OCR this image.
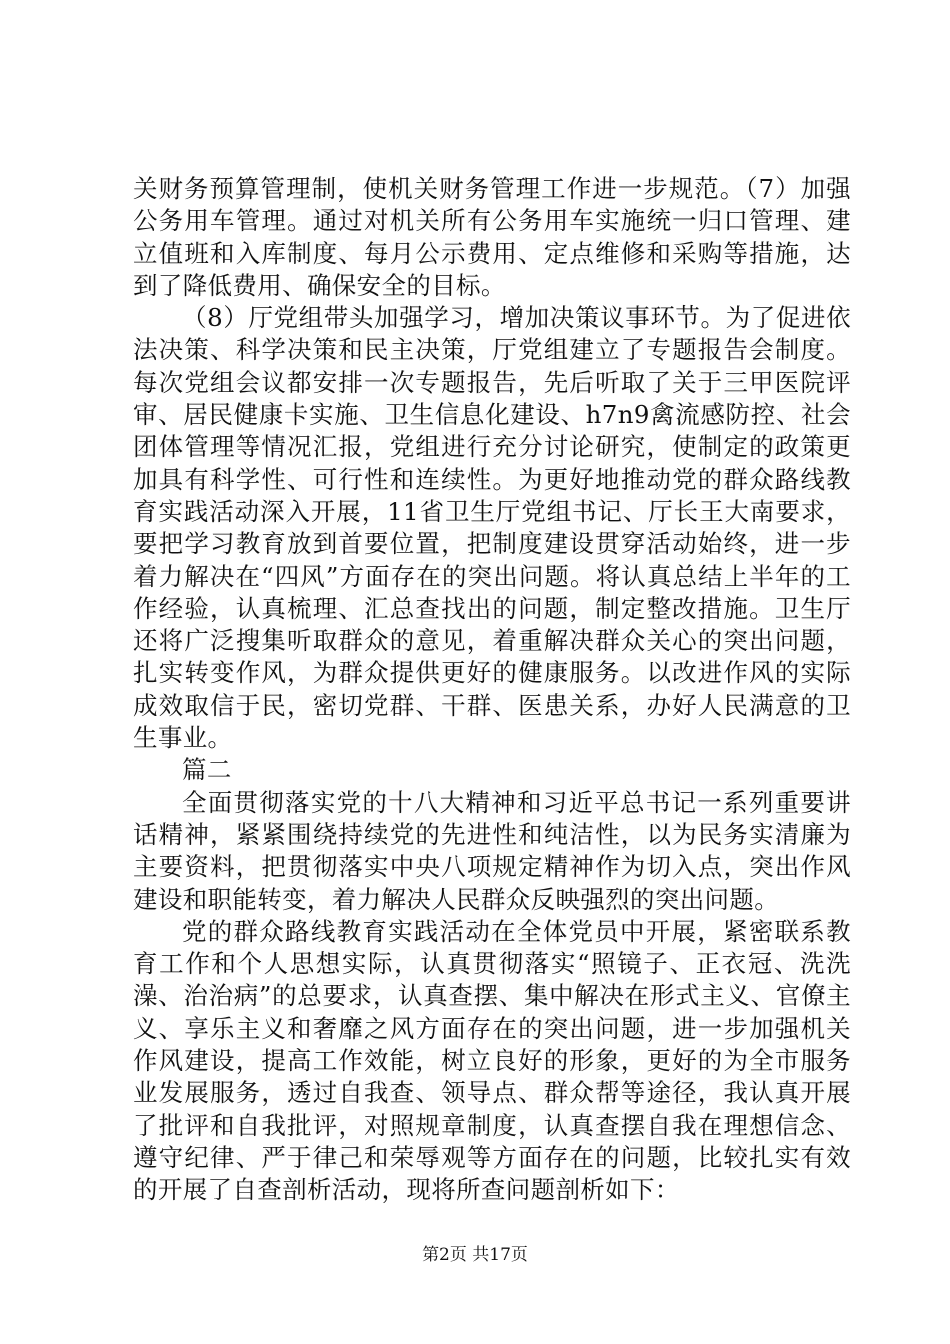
关财务预算管理制，使机关财务管理工作进一步规范。（7）加强公务用车管理。通过对机关所有公务用车实施统一归口管理、建立值班和入库制度、每月公示费用、定点维修和采购等措施，达到了降低费用、确保安全的目标。

（8）厅党组带头加强学习，增加决策议事环节。为了促进依法决策、科学决策和民主决策，厅党组建立了专题报告会制度。每次党组会议都安排一次专题报告，先后听取了关于三甲医院评审、居民健康卡实施、卫生信息化建设、h7n9禽流感防控、社会团体管理等情况汇报，党组进行充分讨论研究，使制定的政策更加具有科学性、可行性和连续性。为更好地推动党的群众路线教育实践活动深入开展，11省卫生厅党组书记、厅长王大南要求，要把学习教育放到首要位置，把制度建设贯穿活动始终，进一步着力解决在“四风”方面存在的突出问题。将认真总结上半年的工作经验，认真梳理、汇总查找出的问题，制定整改措施。卫生厅还将广泛搜集听取群众的意见，着重解决群众关心的突出问题，扎实转变作风，为群众提供更好的健康服务。以改进作风的实际成效取信于民，密切党群、干群、医患关系，办好人民满意的卫生事业。

篇二

全面贯彻落实党的十八大精神和习近平总书记一系列重要讲话精神，紧紧围绕持续党的先进性和纯洁性，以为民务实清廉为主要资料，把贯彻落实中央八项规定精神作为切入点，突出作风建设和职能转变，着力解决人民群众反映强烈的突出问题。

党的群众路线教育实践活动在全体党员中开展，紧密联系教育工作和个人思想实际，认真贯彻落实“照镜子、正衣冠、洗洗澡、治治病”的总要求，认真查摆、集中解决在形式主义、官僚主义、享乐主义和奢靡之风方面存在的突出问题，进一步加强机关作风建设，提高工作效能，树立良好的形象，更好的为全市服务业发展服务，透过自我查、领导点、群众帮等途径，我认真开展了批评和自我批评，对照规章制度，认真查摆自我在理想信念、遵守纪律、严于律己和荣辱观等方面存在的问题，比较扎实有效的开展了自查剖析活动，现将所查问题剖析如下：

第2页 共17页
